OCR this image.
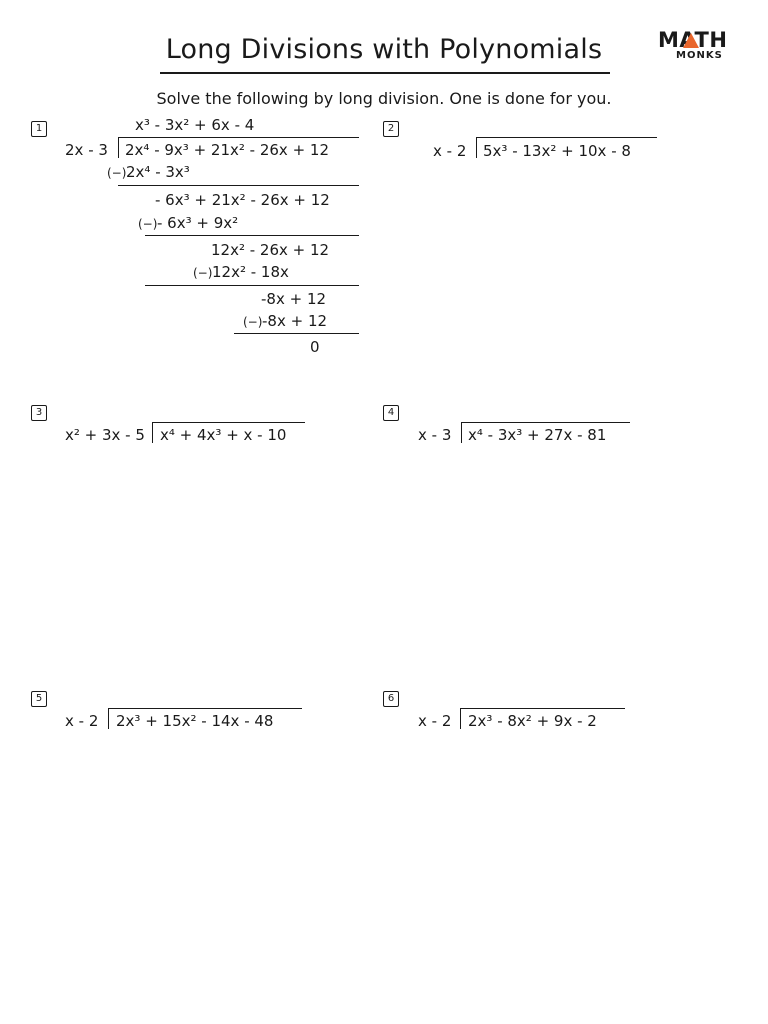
Long Divisions with Polynomials	MATH
MONKS
Solve the following by long division. One is done for you.
1	x³ - 3x² + 6x - 4
2x - 3 2x⁴ - 9x³ + 21x² - 26x + 12
(−) 2x⁴ - 3x³
- 6x³ + 21x² - 26x + 12
(−) - 6x³ + 9x²
12x² - 26x + 12
(−) 12x² - 18x
-8x + 12
(−) -8x + 12
0
2
x - 2 5x³ - 13x² + 10x - 8
3
x² + 3x - 5 x⁴ + 4x³ + x - 10
4
x - 3 x⁴ - 3x³ + 27x - 81
5
x - 2 2x³ + 15x² - 14x - 48
6
x - 2 2x³ - 8x² + 9x - 2
